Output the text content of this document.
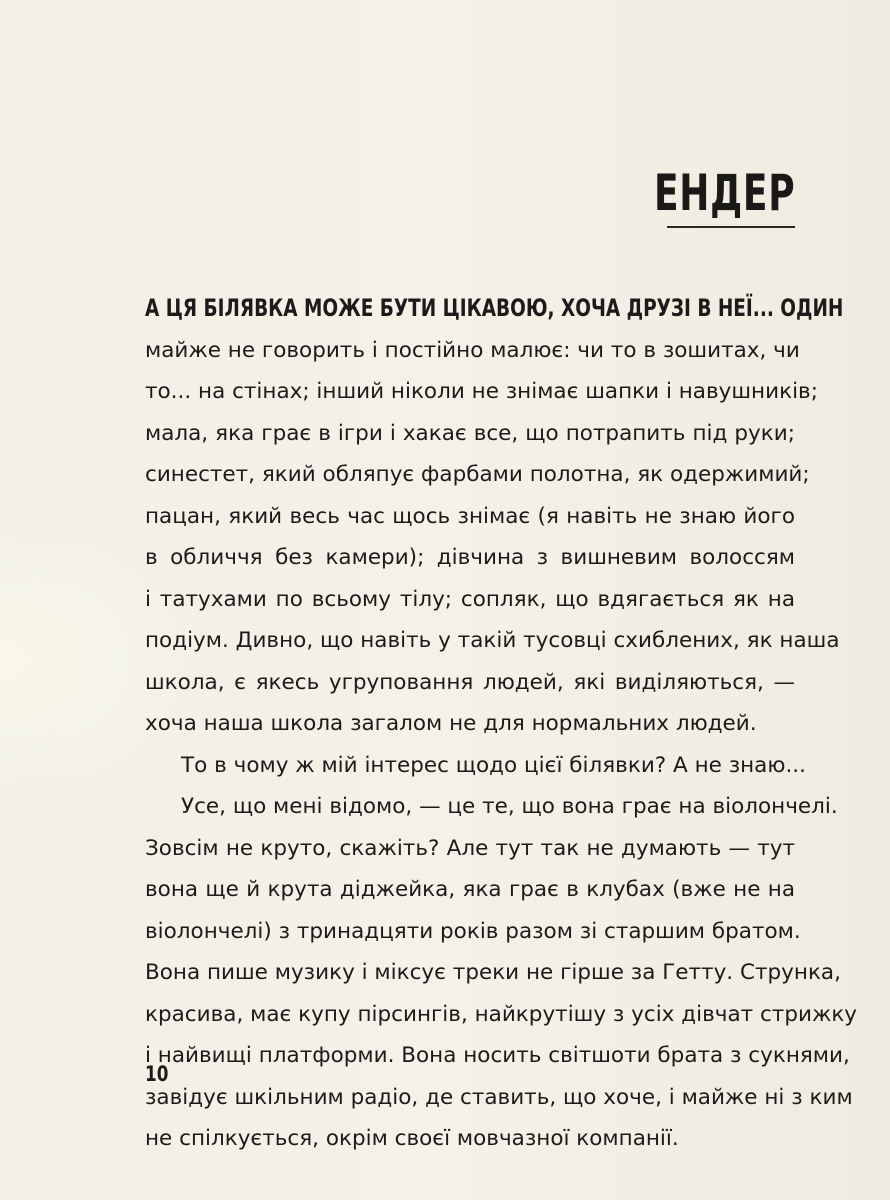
ЕНДЕР
А ЦЯ БІЛЯВКА МОЖЕ БУТИ ЦІКАВОЮ, ХОЧА ДРУЗІ В НЕЇ... ОДИН
майже не говорить і постійно малює: чи то в зошитах, чи
то... на стінах; інший ніколи не знімає шапки і навушників;
мала, яка грає в ігри і хакає все, що потрапить під руки;
синестет, який обляпує фарбами полотна, як одержимий;
пацан, який весь час щось знімає (я навіть не знаю його
в обличчя без камери); дівчина з вишневим волоссям
і татухами по всьому тілу; сопляк, що вдягається як на
подіум. Дивно, що навіть у такій тусовці схиблених, як наша
школа, є якесь угруповання людей, які виділяються, —
хоча наша школа загалом не для нормальних людей.
То в чому ж мій інтерес щодо цієї білявки? А не знаю...
Усе, що мені відомо, — це те, що вона грає на віолончелі.
Зовсім не круто, скажіть? Але тут так не думають — тут
вона ще й крута діджейка, яка грає в клубах (вже не на
віолончелі) з тринадцяти років разом зі старшим братом.
Вона пише музику і міксує треки не гірше за Гетту. Струнка,
красива, має купу пірсингів, найкрутішу з усіх дівчат стрижку
і найвищі платформи. Вона носить світшоти брата з сукнями,
завідує шкільним радіо, де ставить, що хоче, і майже ні з ким
не спілкується, окрім своєї мовчазної компанії.

10
